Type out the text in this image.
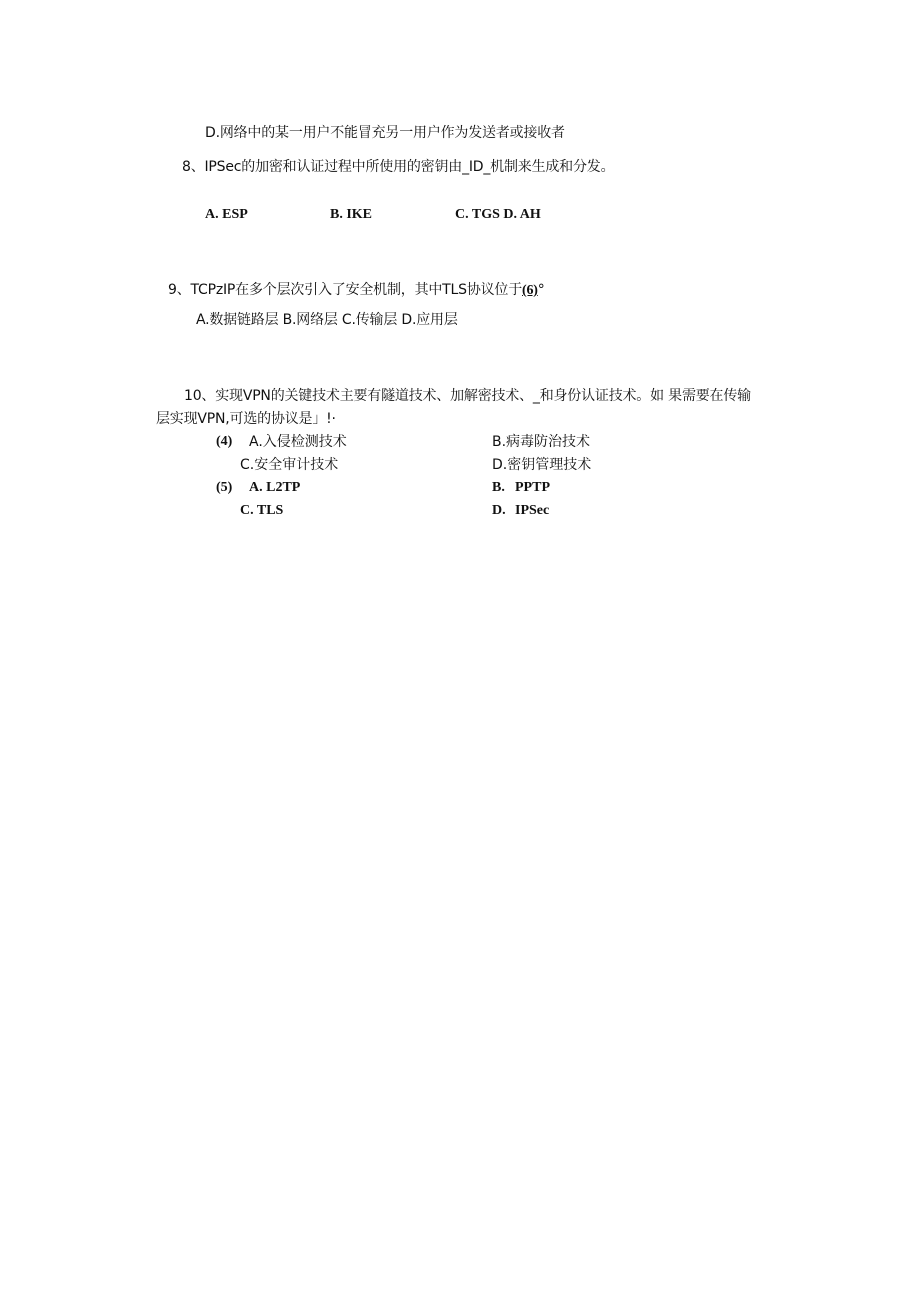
D.网络中的某一用户不能冒充另一用户作为发送者或接收者
8、IPSec的加密和认证过程中所使用的密钥由_ID_机制来生成和分发。
A. ESP	B. IKE	C. TGS D. AH
9、TCPzIP在多个层次引入了安全机制，其中TLS协议位于(6)°
A.数据链路层 B.网络层 C.传输层 D.应用层
10、实现VPN的关键技术主要有隧道技术、加解密技术、_和身份认证技术。如 果需要在传输
层实现VPN,可选的协议是」!·
(4) A.入侵检测技术	B.病毒防治技术
C.安全审计技术	D.密钥管理技术
(5) A. L2TP	B. PPTP
C. TLS	D. IPSec
